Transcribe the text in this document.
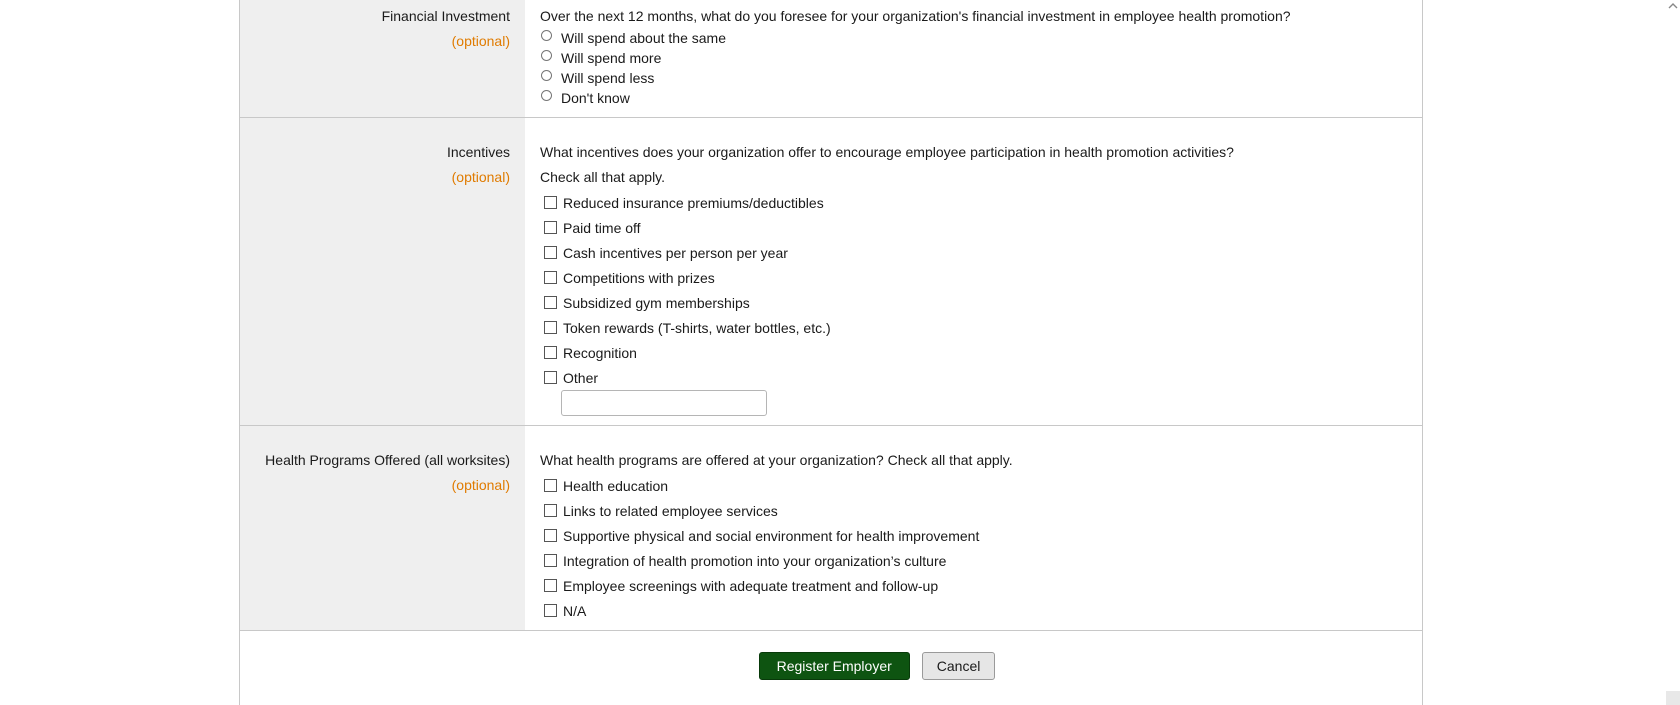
Financial Investment
(optional)

Over the next 12 months, what do you foresee for your organization's financial investment in employee health promotion?

Will spend about the same
Will spend more
Will spend less
Don't know
Incentives
(optional)

What incentives does your organization offer to encourage employee participation in health promotion activities?

Check all that apply.

Reduced insurance premiums/deductibles
Paid time off
Cash incentives per person per year
Competitions with prizes
Subsidized gym memberships
Token rewards (T-shirts, water bottles, etc.)
Recognition
Other
Health Programs Offered (all worksites)
(optional)

What health programs are offered at your organization? Check all that apply.

Health education
Links to related employee services
Supportive physical and social environment for health improvement
Integration of health promotion into your organization’s culture
Employee screenings with adequate treatment and follow-up
N/A
Register Employer	Cancel
